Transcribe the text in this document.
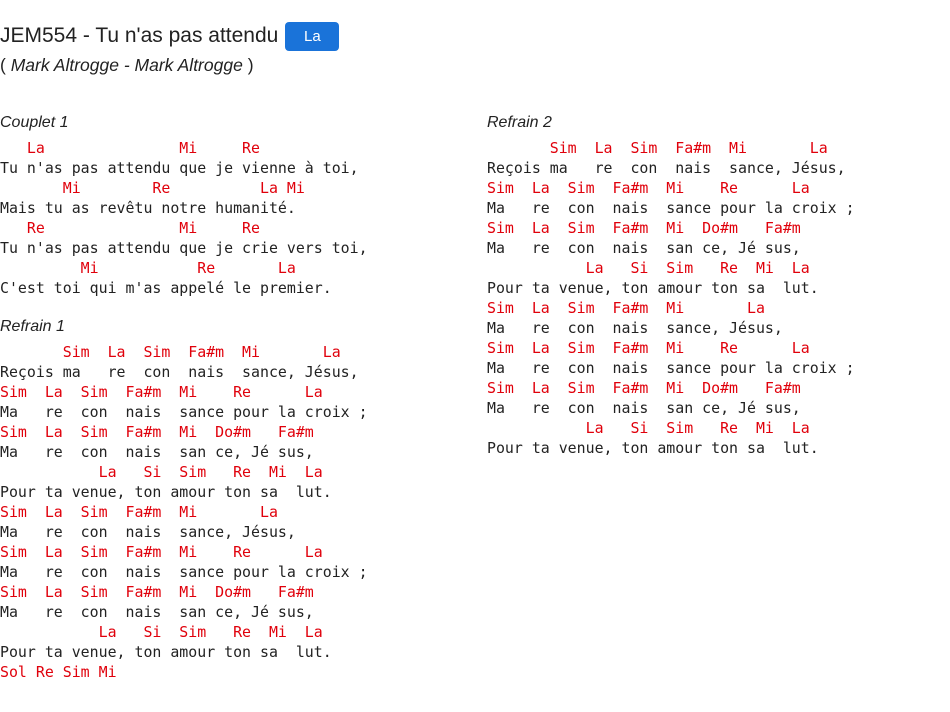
JEM554 - Tu n'as pas attendu	La
( Mark Altrogge - Mark Altrogge )
Couplet 1
La               Mi     Re
Tu n'as pas attendu que je vienne à toi,
Mi        Re          La Mi
Mais tu as revêtu notre humanité.
Re               Mi     Re
Tu n'as pas attendu que je crie vers toi,
Mi           Re       La
C'est toi qui m'as appelé le premier.
Refrain 1
Sim  La  Sim  Fa#m  Mi       La
Reçois ma   re  con  nais  sance, Jésus,
Sim  La  Sim  Fa#m  Mi    Re      La
Ma   re  con  nais  sance pour la croix ;
Sim  La  Sim  Fa#m  Mi  Do#m   Fa#m
Ma   re  con  nais  san ce, Jé sus,
La   Si  Sim   Re  Mi  La
Pour ta venue, ton amour ton sa  lut.
Sim  La  Sim  Fa#m  Mi       La
Ma   re  con  nais  sance, Jésus,
Sim  La  Sim  Fa#m  Mi    Re      La
Ma   re  con  nais  sance pour la croix ;
Sim  La  Sim  Fa#m  Mi  Do#m   Fa#m
Ma   re  con  nais  san ce, Jé sus,
La   Si  Sim   Re  Mi  La
Pour ta venue, ton amour ton sa  lut.
Sol Re Sim Mi
Refrain 2
Sim  La  Sim  Fa#m  Mi       La
Reçois ma   re  con  nais  sance, Jésus,
Sim  La  Sim  Fa#m  Mi    Re      La
Ma   re  con  nais  sance pour la croix ;
Sim  La  Sim  Fa#m  Mi  Do#m   Fa#m
Ma   re  con  nais  san ce, Jé sus,
La   Si  Sim   Re  Mi  La
Pour ta venue, ton amour ton sa  lut.
Sim  La  Sim  Fa#m  Mi       La
Ma   re  con  nais  sance, Jésus,
Sim  La  Sim  Fa#m  Mi    Re      La
Ma   re  con  nais  sance pour la croix ;
Sim  La  Sim  Fa#m  Mi  Do#m   Fa#m
Ma   re  con  nais  san ce, Jé sus,
La   Si  Sim   Re  Mi  La
Pour ta venue, ton amour ton sa  lut.
